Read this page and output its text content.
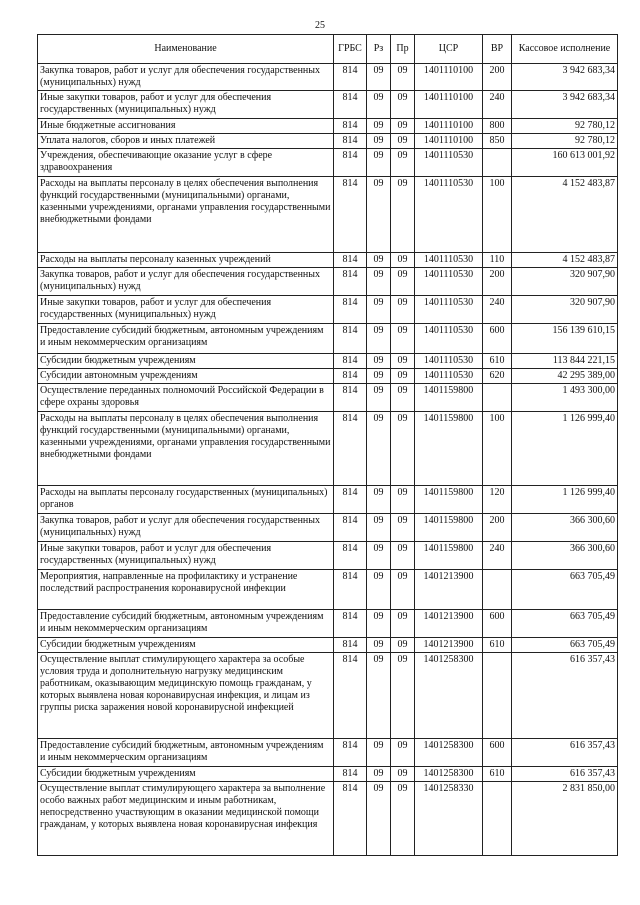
25
Наименование	ГРБС	Рз	Пр	ЦСР	ВР	Кассовое исполнение
Закупка товаров, работ и услуг для обеспечения государственных (муниципальных) нужд	814	09	09	1401110100	200	3 942 683,34
Иные закупки товаров, работ и услуг для обеспечения государственных (муниципальных) нужд	814	09	09	1401110100	240	3 942 683,34
Иные бюджетные ассигнования	814	09	09	1401110100	800	92 780,12
Уплата налогов, сборов и иных платежей	814	09	09	1401110100	850	92 780,12
Учреждения, обеспечивающие оказание услуг в сфере здравоохранения	814	09	09	1401110530		160 613 001,92
Расходы на выплаты персоналу в целях обеспечения выполнения функций государственными (муниципальными) органами, казенными учреждениями, органами управления государственными внебюджетными фондами	814	09	09	1401110530	100	4 152 483,87
Расходы на выплаты персоналу казенных учреждений	814	09	09	1401110530	110	4 152 483,87
Закупка товаров, работ и услуг для обеспечения государственных (муниципальных) нужд	814	09	09	1401110530	200	320 907,90
Иные закупки товаров, работ и услуг для обеспечения государственных (муниципальных) нужд	814	09	09	1401110530	240	320 907,90
Предоставление субсидий бюджетным, автономным учреждениям и иным некоммерческим организациям	814	09	09	1401110530	600	156 139 610,15
Субсидии бюджетным учреждениям	814	09	09	1401110530	610	113 844 221,15
Субсидии автономным учреждениям	814	09	09	1401110530	620	42 295 389,00
Осуществление переданных полномочий Российской Федерации в сфере охраны здоровья	814	09	09	1401159800		1 493 300,00
Расходы на выплаты персоналу в целях обеспечения выполнения функций государственными (муниципальными) органами, казенными учреждениями, органами управления государственными внебюджетными фондами	814	09	09	1401159800	100	1 126 999,40
Расходы на выплаты персоналу государственных (муниципальных) органов	814	09	09	1401159800	120	1 126 999,40
Закупка товаров, работ и услуг для обеспечения государственных (муниципальных) нужд	814	09	09	1401159800	200	366 300,60
Иные закупки товаров, работ и услуг для обеспечения государственных (муниципальных) нужд	814	09	09	1401159800	240	366 300,60
Мероприятия, направленные на профилактику и устранение последствий распространения коронавирусной инфекции	814	09	09	1401213900		663 705,49
Предоставление субсидий бюджетным, автономным учреждениям и иным некоммерческим организациям	814	09	09	1401213900	600	663 705,49
Субсидии бюджетным учреждениям	814	09	09	1401213900	610	663 705,49
Осуществление выплат стимулирующего характера за особые условия труда и дополнительную нагрузку медицинским работникам, оказывающим медицинскую помощь гражданам, у которых выявлена новая коронавирусная инфекция, и лицам из группы риска заражения новой коронавирусной инфекцией	814	09	09	1401258300		616 357,43
Предоставление субсидий бюджетным, автономным учреждениям и иным некоммерческим организациям	814	09	09	1401258300	600	616 357,43
Субсидии бюджетным учреждениям	814	09	09	1401258300	610	616 357,43
Осуществление выплат стимулирующего характера за выполнение особо важных работ медицинским и иным работникам, непосредственно участвующим в оказании медицинской помощи гражданам, у которых выявлена новая коронавирусная инфекция	814	09	09	1401258330		2 831 850,00
